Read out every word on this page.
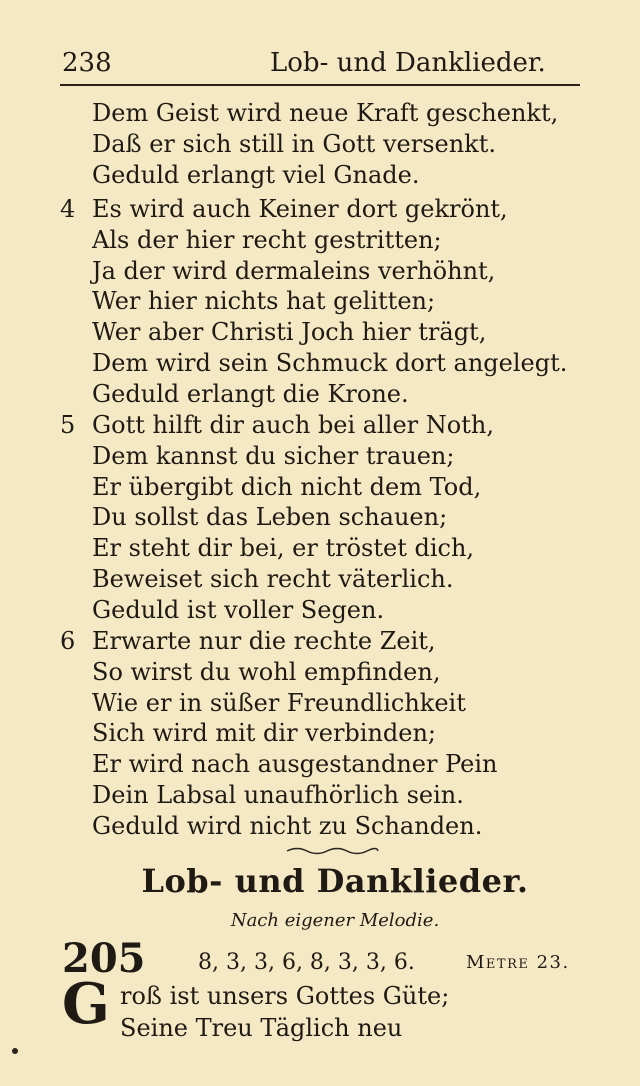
238	Lob- und Danklieder.
Dem Geist wird neue Kraft geschenkt,
Daß er sich still in Gott versenkt.
Geduld erlangt viel Gnade.
4 Es wird auch Keiner dort gekrönt,
Als der hier recht gestritten;
Ja der wird dermaleins verhöhnt,
Wer hier nichts hat gelitten;
Wer aber Christi Joch hier trägt,
Dem wird sein Schmuck dort angelegt.
Geduld erlangt die Krone.
5 Gott hilft dir auch bei aller Noth,
Dem kannst du sicher trauen;
Er übergibt dich nicht dem Tod,
Du sollst das Leben schauen;
Er steht dir bei, er tröstet dich,
Beweiset sich recht väterlich.
Geduld ist voller Segen.
6 Erwarte nur die rechte Zeit,
So wirst du wohl empfinden,
Wie er in süßer Freundlichkeit
Sich wird mit dir verbinden;
Er wird nach ausgestandner Pein
Dein Labsal unaufhörlich sein.
Geduld wird nicht zu Schanden.
Lob- und Danklieder.
Nach eigener Melodie.
205 8, 3, 3, 6, 8, 3, 3, 6.	Metre 23.
G roß ist unsers Gottes Güte;
Seine Treu Täglich neu
